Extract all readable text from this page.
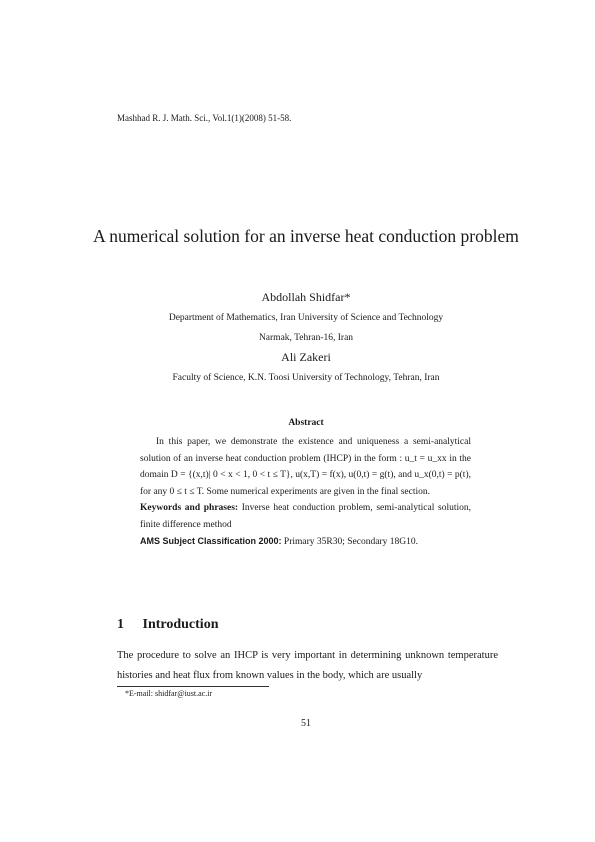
Mashhad R. J. Math. Sci., Vol.1(1)(2008) 51-58.
A numerical solution for an inverse heat conduction problem
Abdollah Shidfar*
Department of Mathematics, Iran University of Science and Technology
Narmak, Tehran-16, Iran
Ali Zakeri
Faculty of Science, K.N. Toosi University of Technology, Tehran, Iran
Abstract

In this paper, we demonstrate the existence and uniqueness a semi-analytical solution of an inverse heat conduction problem (IHCP) in the form : u_t = u_xx in the domain D = {(x,t)| 0 < x < 1, 0 < t ≤ T}, u(x,T) = f(x), u(0,t) = g(t), and u_x(0,t) = p(t), for any 0 ≤ t ≤ T. Some numerical experiments are given in the final section.

Keywords and phrases: Inverse heat conduction problem, semi-analytical solution, finite difference method

AMS Subject Classification 2000: Primary 35R30; Secondary 18G10.

1 Introduction
The procedure to solve an IHCP is very important in determining unknown temperature histories and heat flux from known values in the body, which are usually
*E-mail: shidfar@iust.ac.ir
51
